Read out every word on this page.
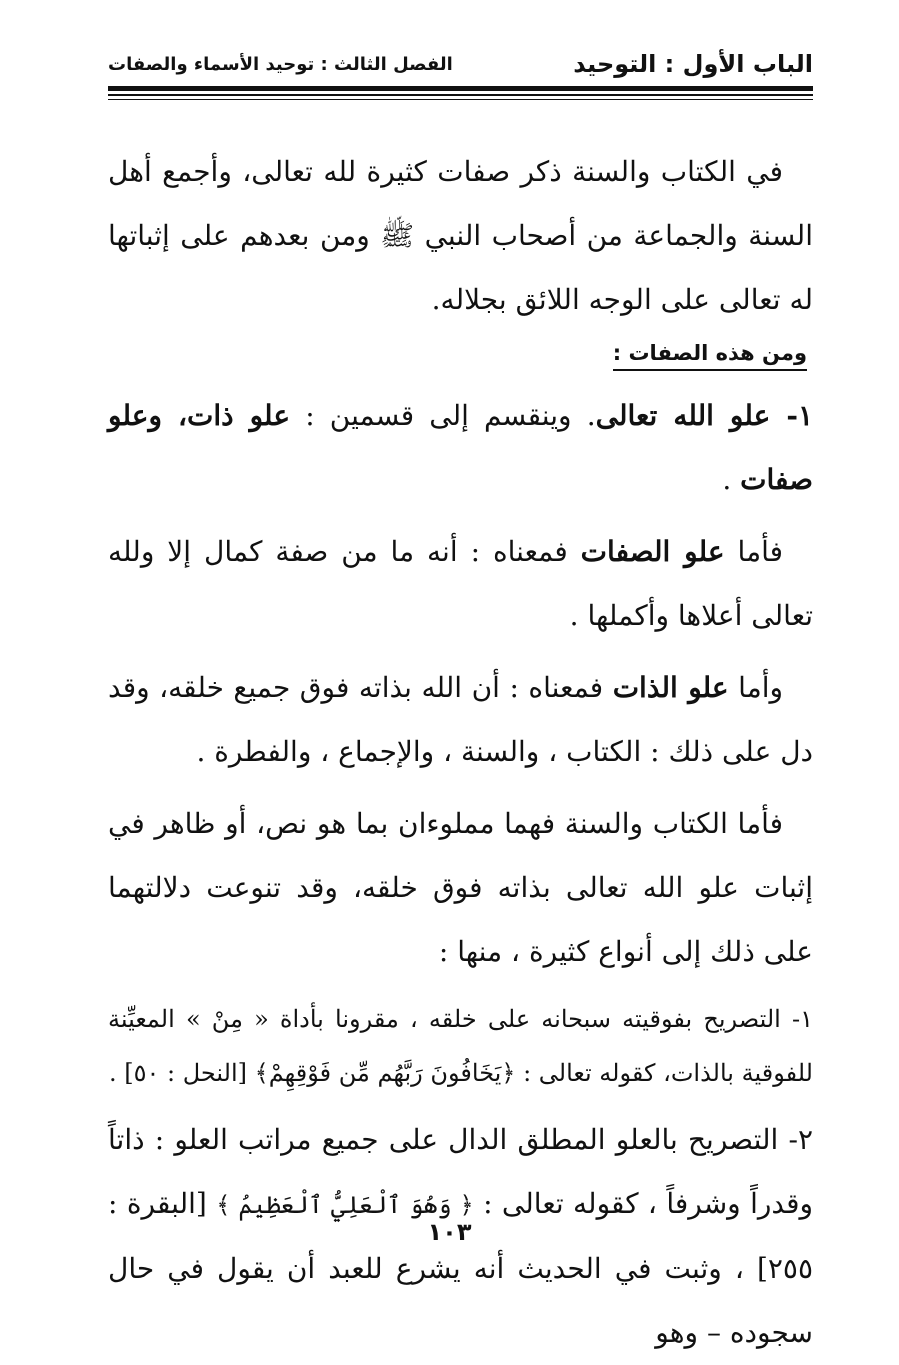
الباب الأول : التوحيد
الفصل الثالث : توحيد الأسماء والصفات

في الكتاب والسنة ذكر صفات كثيرة لله تعالى، وأجمع أهل السنة والجماعة من أصحاب النبي ﷺ ومن بعدهم على إثباتها له تعالى على الوجه اللائق بجلاله.

ومن هذه الصفات :

١- علو الله تعالى. وينقسم إلى قسمين : علو ذات، وعلو صفات .

فأما علو الصفات فمعناه : أنه ما من صفة كمال إلا ولله تعالى أعلاها وأكملها .

وأما علو الذات فمعناه : أن الله بذاته فوق جميع خلقه، وقد دل على ذلك : الكتاب ، والسنة ، والإجماع ، والفطرة .

فأما الكتاب والسنة فهما مملوءان بما هو نص، أو ظاهر في إثبات علو الله تعالى بذاته فوق خلقه، وقد تنوعت دلالتهما على ذلك إلى أنواع كثيرة ، منها :

١- التصريح بفوقيته سبحانه على خلقه ، مقرونا بأداة « مِنْ » المعيِّنة للفوقية بالذات، كقوله تعالى : ﴿يَخَافُونَ رَبَّهُم مِّن فَوْقِهِمْ﴾ [النحل : ٥٠] .

٢- التصريح بالعلو المطلق الدال على جميع مراتب العلو : ذاتاً وقدراً وشرفاً ، كقوله تعالى : ﴿ وَهُوَ ٱلْعَلِيُّ ٱلْعَظِيمُ ﴾ [البقرة : ٢٥٥] ، وثبت في الحديث أنه يشرع للعبد أن يقول في حال سجوده – وهو

١٠٣
